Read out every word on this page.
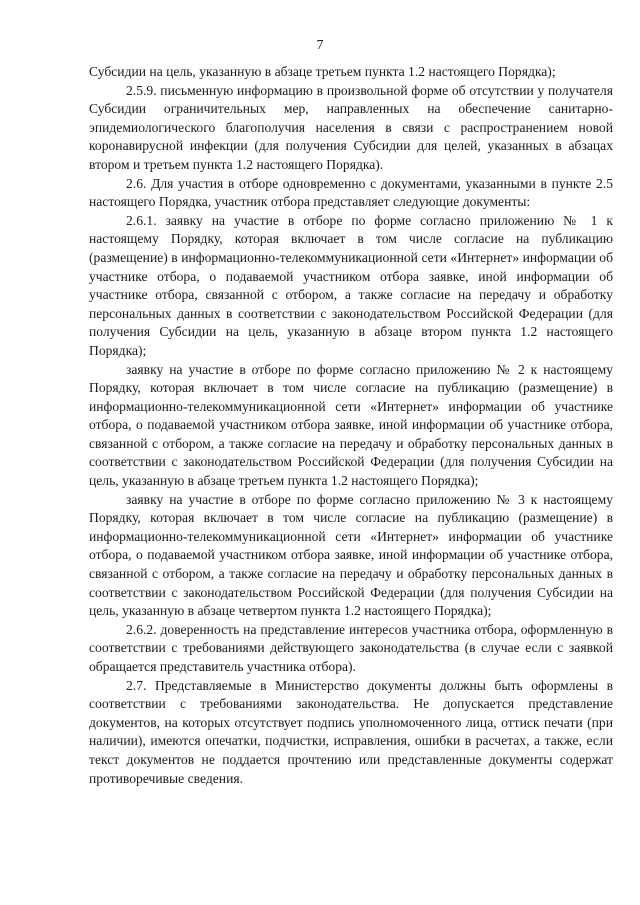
7

Субсидии на цель, указанную в абзаце третьем пункта 1.2 настоящего Порядка);

2.5.9. письменную информацию в произвольной форме об отсутствии у получателя Субсидии ограничительных мер, направленных на обеспечение санитарно-эпидемиологического благополучия населения в связи с распространением новой коронавирусной инфекции (для получения Субсидии для целей, указанных в абзацах втором и третьем пункта 1.2 настоящего Порядка).

2.6. Для участия в отборе одновременно с документами, указанными в пункте 2.5 настоящего Порядка, участник отбора представляет следующие документы:

2.6.1. заявку на участие в отборе по форме согласно приложению № 1 к настоящему Порядку, которая включает в том числе согласие на публикацию (размещение) в информационно-телекоммуникационной сети «Интернет» информации об участнике отбора, о подаваемой участником отбора заявке, иной информации об участнике отбора, связанной с отбором, а также согласие на передачу и обработку персональных данных в соответствии с законодательством Российской Федерации (для получения Субсидии на цель, указанную в абзаце втором пункта 1.2 настоящего Порядка);

заявку на участие в отборе по форме согласно приложению № 2 к настоящему Порядку, которая включает в том числе согласие на публикацию (размещение) в информационно-телекоммуникационной сети «Интернет» информации об участнике отбора, о подаваемой участником отбора заявке, иной информации об участнике отбора, связанной с отбором, а также согласие на передачу и обработку персональных данных в соответствии с законодательством Российской Федерации (для получения Субсидии на цель, указанную в абзаце третьем пункта 1.2 настоящего Порядка);

заявку на участие в отборе по форме согласно приложению № 3 к настоящему Порядку, которая включает в том числе согласие на публикацию (размещение) в информационно-телекоммуникационной сети «Интернет» информации об участнике отбора, о подаваемой участником отбора заявке, иной информации об участнике отбора, связанной с отбором, а также согласие на передачу и обработку персональных данных в соответствии с законодательством Российской Федерации (для получения Субсидии на цель, указанную в абзаце четвертом пункта 1.2 настоящего Порядка);

2.6.2. доверенность на представление интересов участника отбора, оформленную в соответствии с требованиями действующего законодательства (в случае если с заявкой обращается представитель участника отбора).

2.7. Представляемые в Министерство документы должны быть оформлены в соответствии с требованиями законодательства. Не допускается представление документов, на которых отсутствует подпись уполномоченного лица, оттиск печати (при наличии), имеются опечатки, подчистки, исправления, ошибки в расчетах, а также, если текст документов не поддается прочтению или представленные документы содержат противоречивые сведения.
